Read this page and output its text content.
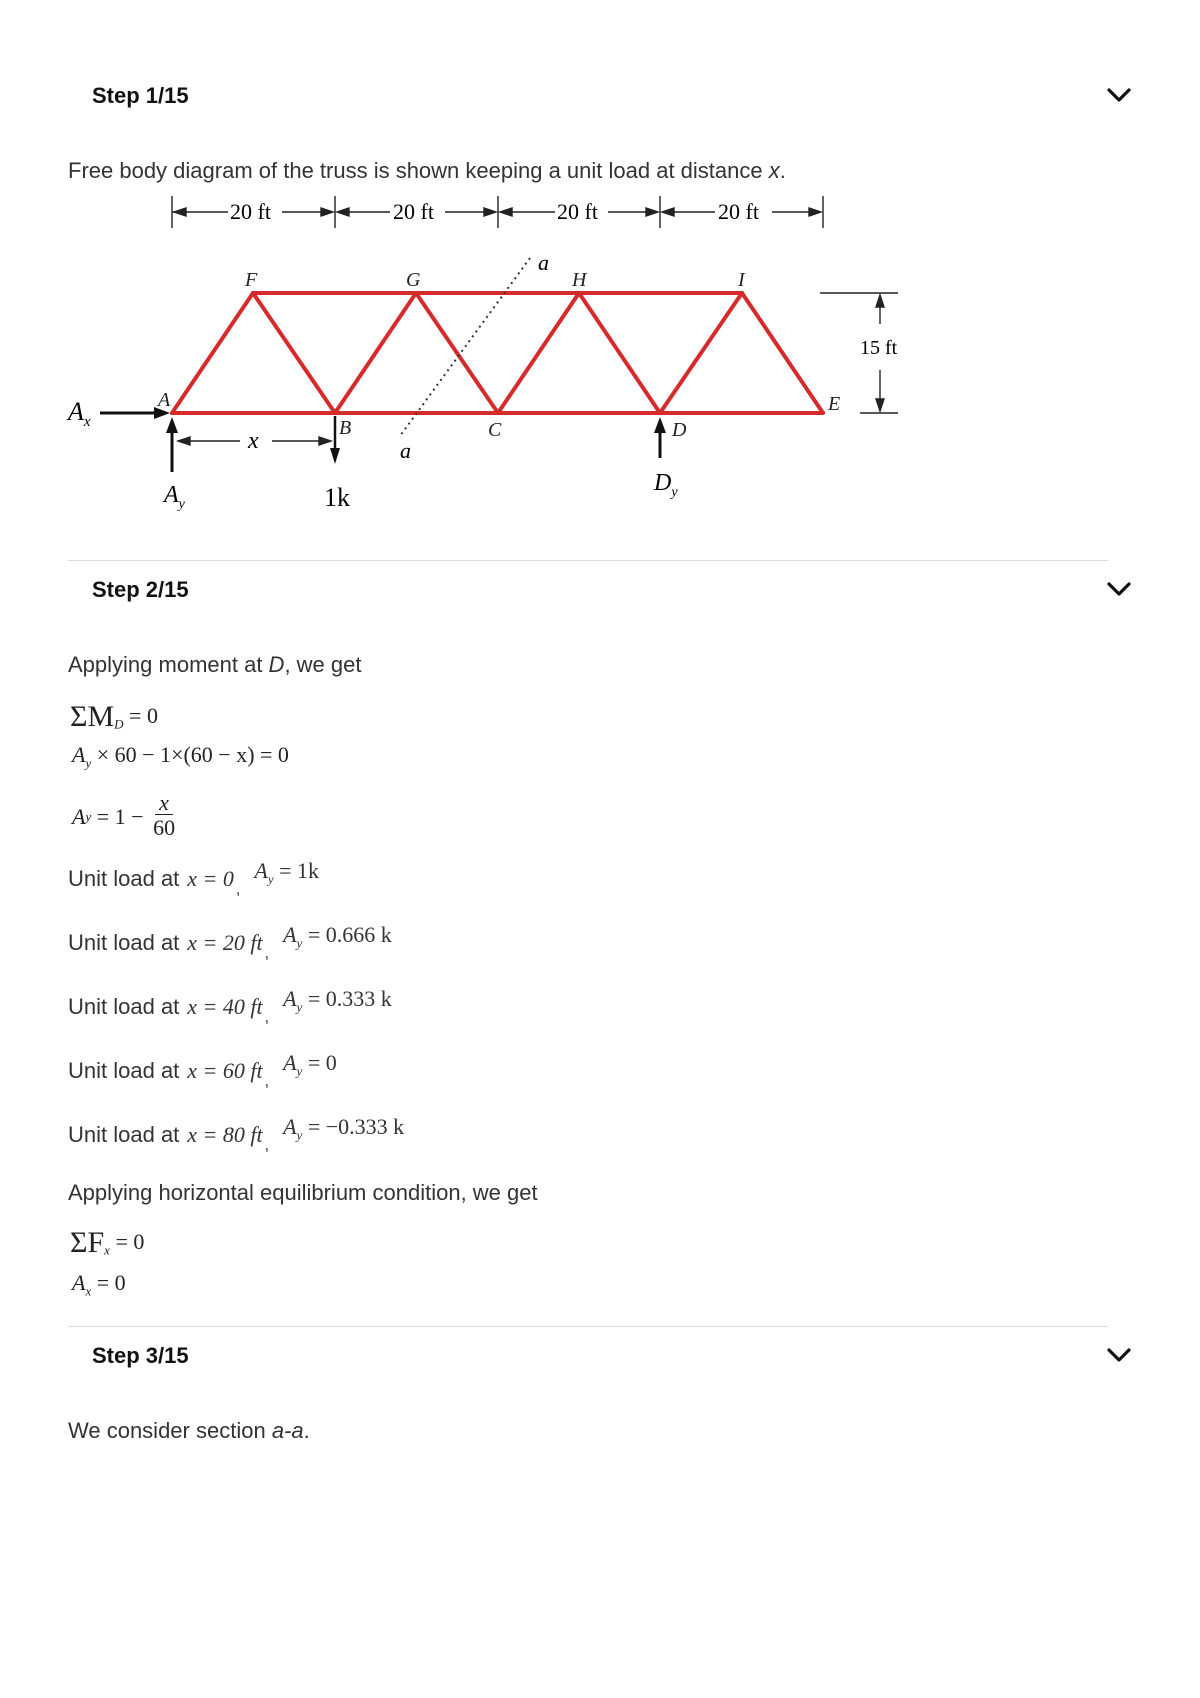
Step 1/15
Free body diagram of the truss is shown keeping a unit load at distance x.
20 ft	20 ft	20 ft	20 ft
a
a
F	G	H	I
A
B	C	D
E
15 ft
$A_x$
$A_y$
x
1k	$D_y$
Step 2/15
Applying moment at D, we get
$\Sigma M_D = 0$
$A_y \times 60 - 1\times(60 - x) = 0$
A $y = 1 - \frac{x}{60}$
Unit load at x = 0 $_,A_y = 1k$
Unit load at x = 20 ft $_,A_y = 0.666$ k
Unit load at x = 40 ft $_,A_y = 0.333$ k
Unit load at x = 60 ft $_,A_y = 0$
Unit load at x = 80 ft $_,A_y = -0.333$ k
Applying horizontal equilibrium condition, we get
$\Sigma F_x = 0$
$A_x = 0$
Step 3/15
We consider section a-a.
